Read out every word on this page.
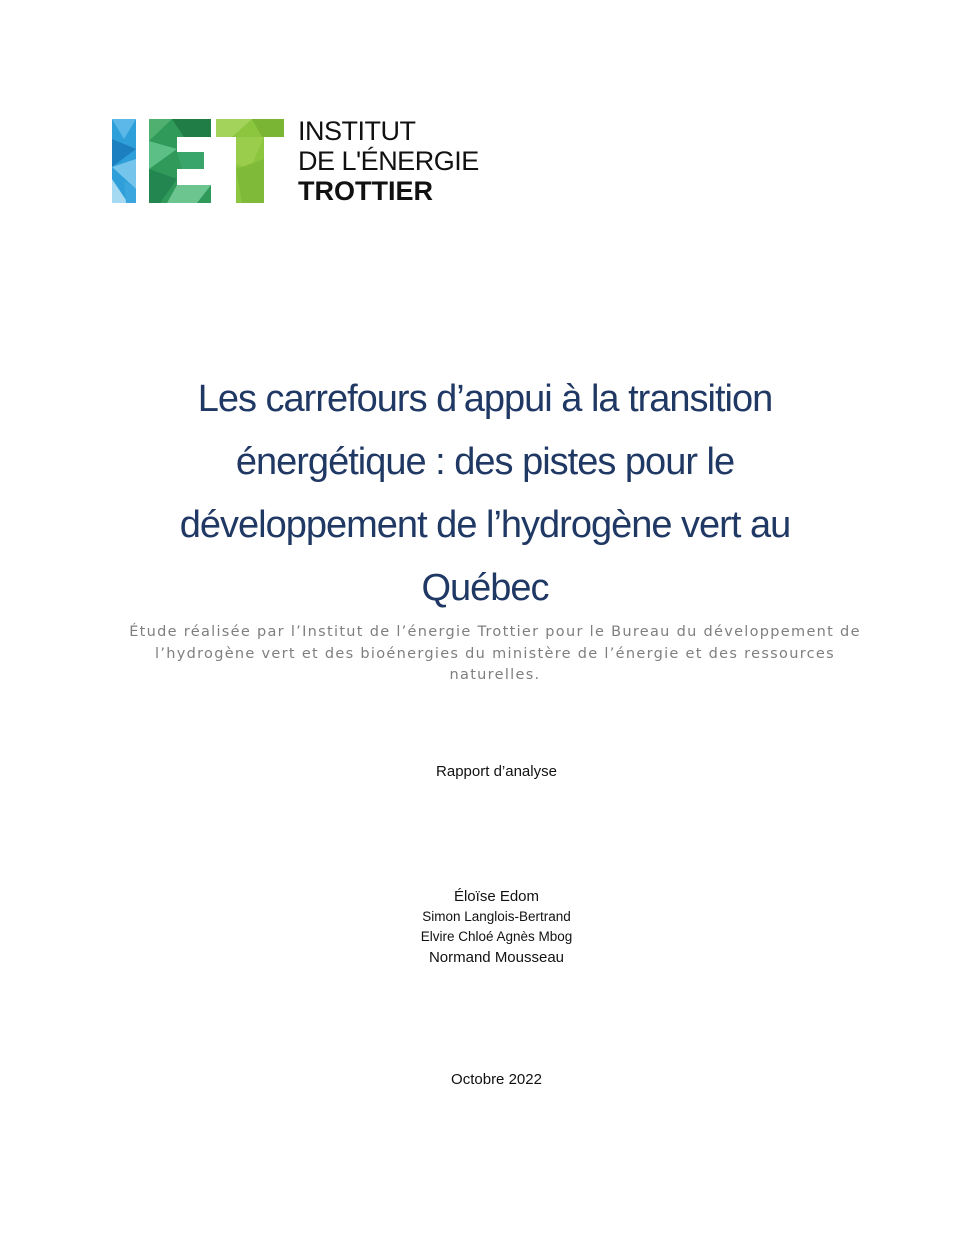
INSTITUT
DE L'ÉNERGIE
TROTTIER
Les carrefours d’appui à la transition
énergétique : des pistes pour le
développement de l’hydrogène vert au
Québec
Étude réalisée par l’Institut de l’énergie Trottier pour le Bureau du développement de
l’hydrogène vert et des bioénergies du ministère de l’énergie et des ressources
naturelles.
Rapport d’analyse
Éloïse Edom
Simon Langlois-Bertrand
Elvire Chloé Agnès Mbog
Normand Mousseau
Octobre 2022
